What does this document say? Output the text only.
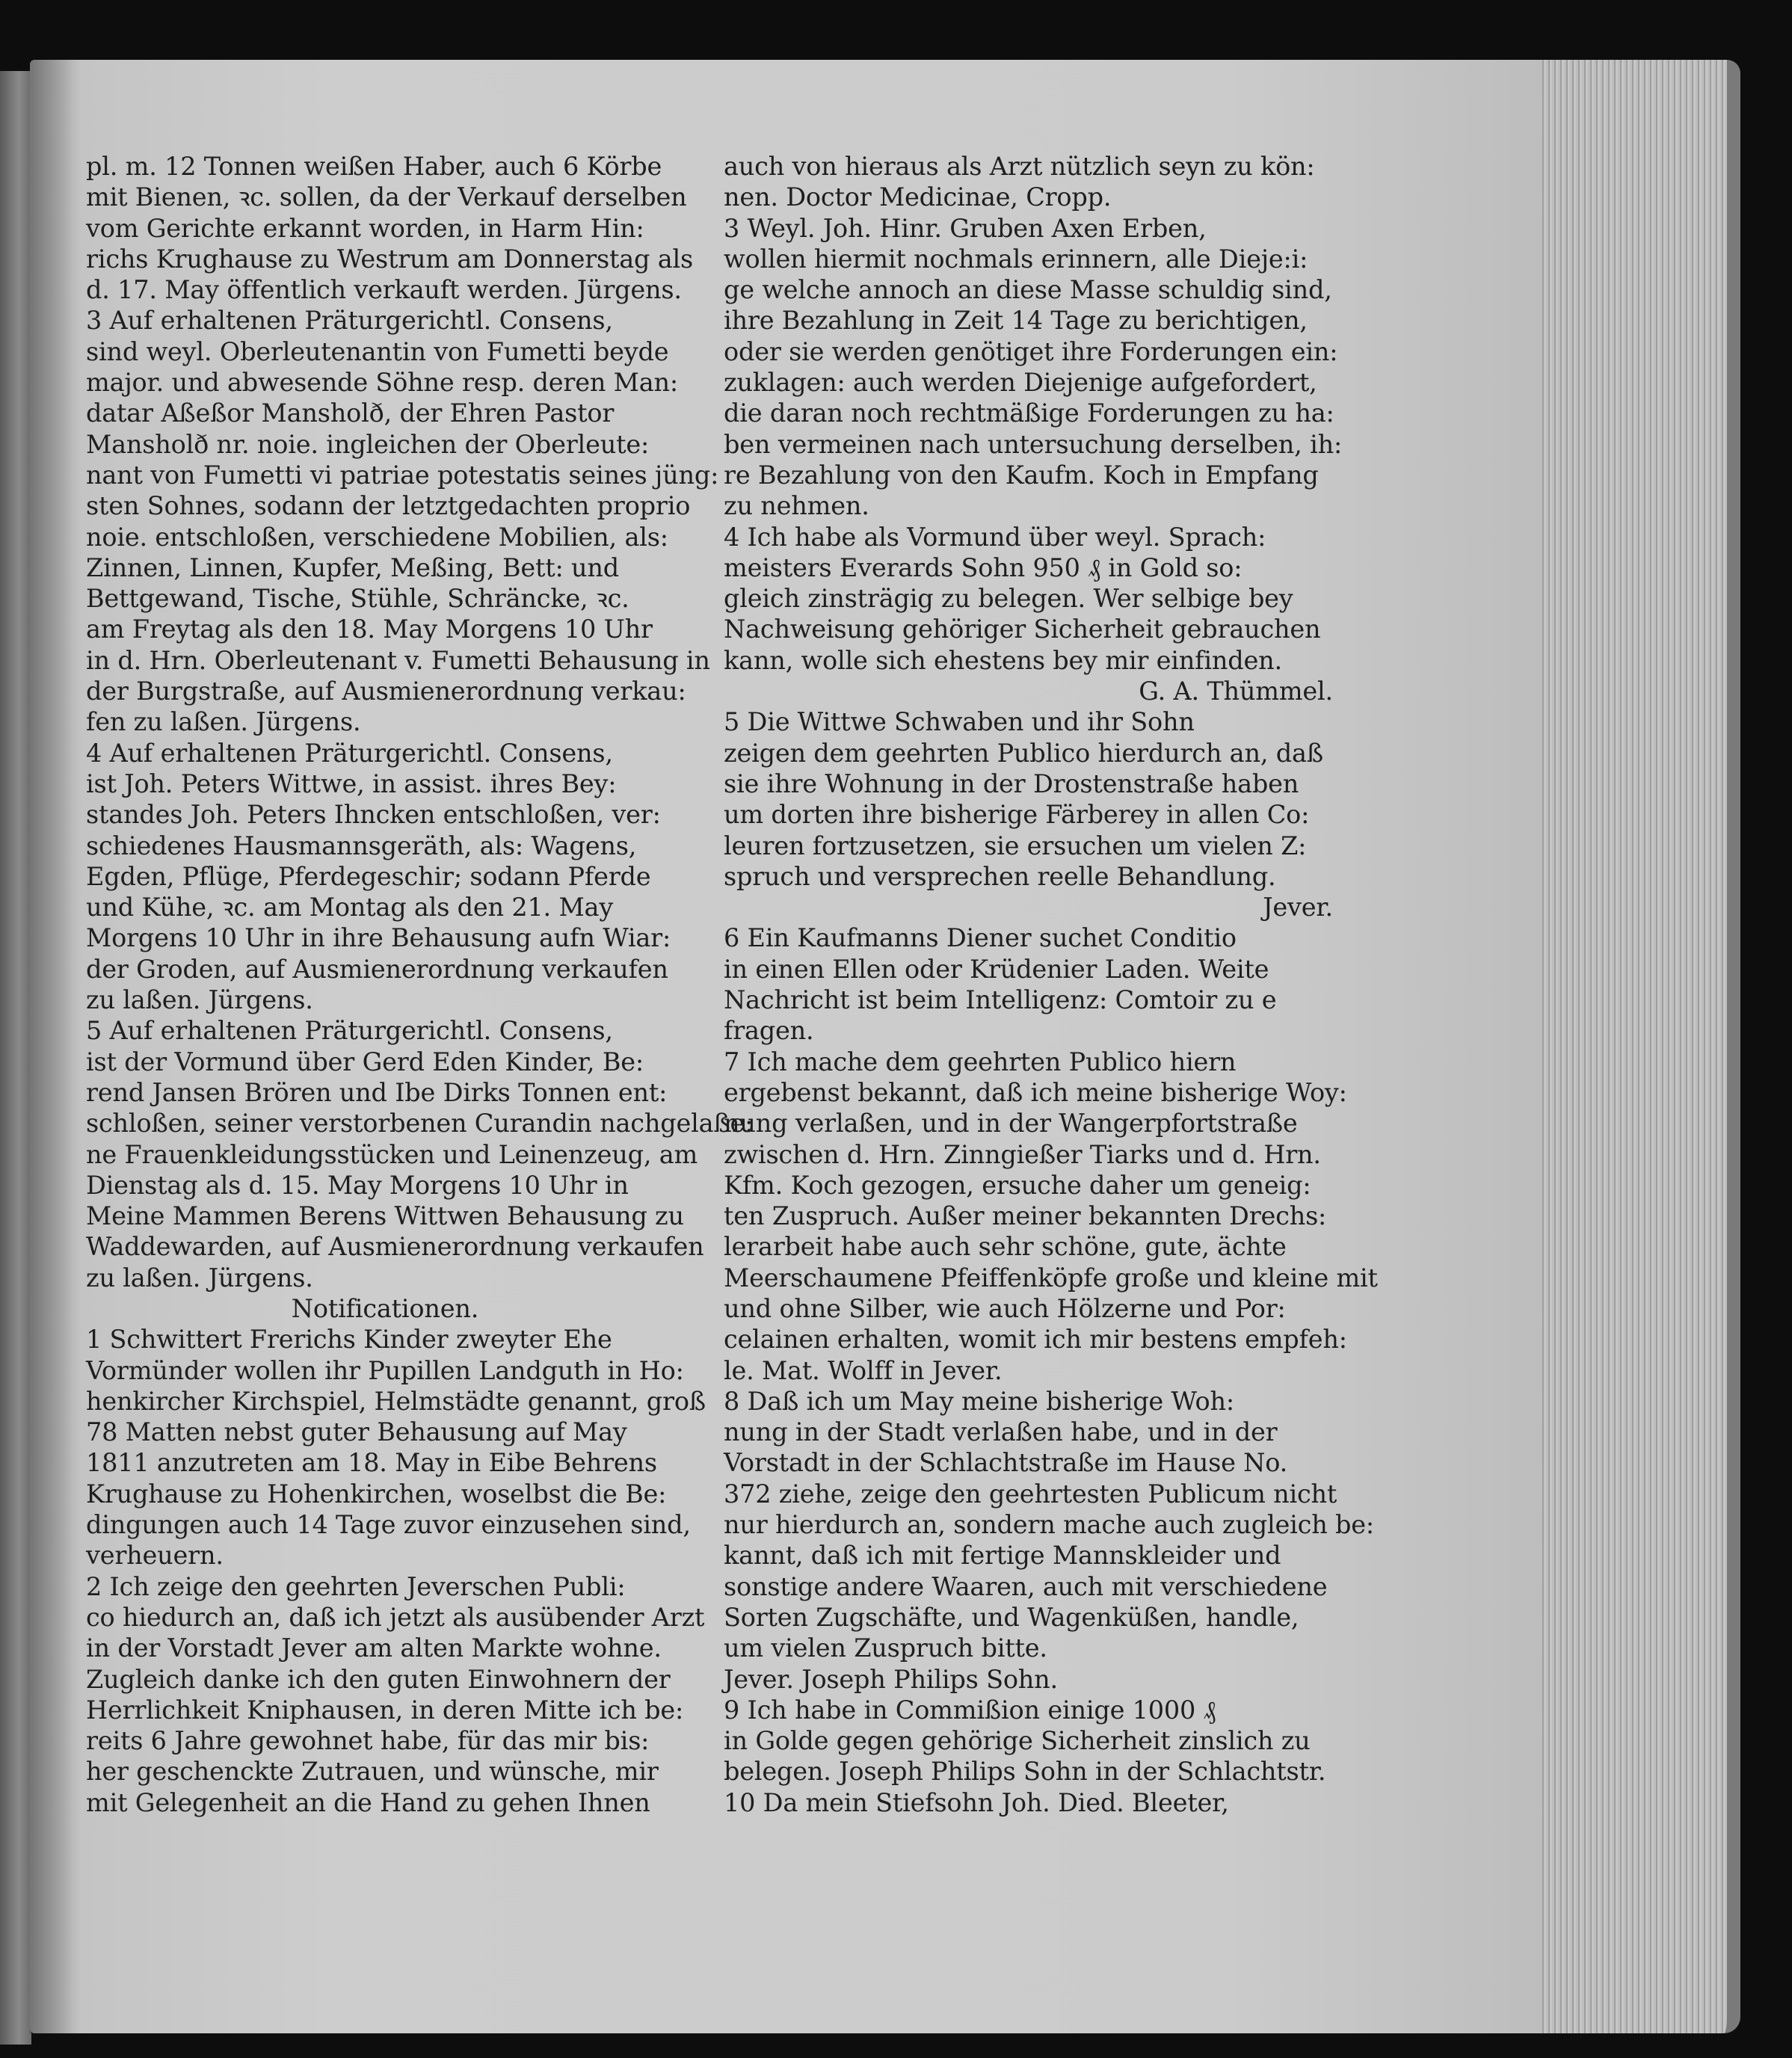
pl. m. 12 Tonnen weißen Haber, auch 6 Körbe
mit Bienen, ꝛc. sollen, da der Verkauf derselben
vom Gerichte erkannt worden, in Harm Hin:
richs Krughause zu Westrum am Donnerstag als
d. 17. May öffentlich verkauft werden. Jürgens.
3 Auf erhaltenen Präturgerichtl. Consens,
sind weyl. Oberleutenantin von Fumetti beyde
major. und abwesende Söhne resp. deren Man:
datar Aßeßor Mansholð, der Ehren Pastor
Mansholð nr. noie. ingleichen der Oberleute:
nant von Fumetti vi patriae potestatis seines jüng:
sten Sohnes, sodann der letztgedachten proprio
noie. entschloßen, verschiedene Mobilien, als:
Zinnen, Linnen, Kupfer, Meßing, Bett: und
Bettgewand, Tische, Stühle, Schräncke, ꝛc.
am Freytag als den 18. May Morgens 10 Uhr
in d. Hrn. Oberleutenant v. Fumetti Behausung in
der Burgstraße, auf Ausmienerordnung verkau:
fen zu laßen. Jürgens.
4 Auf erhaltenen Präturgerichtl. Consens,
ist Joh. Peters Wittwe, in assist. ihres Bey:
standes Joh. Peters Ihncken entschloßen, ver:
schiedenes Hausmannsgeräth, als: Wagens,
Egden, Pflüge, Pferdegeschir; sodann Pferde
und Kühe, ꝛc. am Montag als den 21. May
Morgens 10 Uhr in ihre Behausung aufn Wiar:
der Groden, auf Ausmienerordnung verkaufen
zu laßen. Jürgens.
5 Auf erhaltenen Präturgerichtl. Consens,
ist der Vormund über Gerd Eden Kinder, Be:
rend Jansen Brören und Ibe Dirks Tonnen ent:
schloßen, seiner verstorbenen Curandin nachgelaße:
ne Frauenkleidungsstücken und Leinenzeug, am
Dienstag als d. 15. May Morgens 10 Uhr in
Meine Mammen Berens Wittwen Behausung zu
Waddewarden, auf Ausmienerordnung verkaufen
zu laßen. Jürgens.
Notificationen.
1 Schwittert Frerichs Kinder zweyter Ehe
Vormünder wollen ihr Pupillen Landguth in Ho:
henkircher Kirchspiel, Helmstädte genannt, groß
78 Matten nebst guter Behausung auf May
1811 anzutreten am 18. May in Eibe Behrens
Krughause zu Hohenkirchen, woselbst die Be:
dingungen auch 14 Tage zuvor einzusehen sind,
verheuern.
2 Ich zeige den geehrten Jeverschen Publi:
co hiedurch an, daß ich jetzt als ausübender Arzt
in der Vorstadt Jever am alten Markte wohne.
Zugleich danke ich den guten Einwohnern der
Herrlichkeit Kniphausen, in deren Mitte ich be:
reits 6 Jahre gewohnet habe, für das mir bis:
her geschenckte Zutrauen, und wünsche, mir
mit Gelegenheit an die Hand zu gehen Ihnen
auch von hieraus als Arzt nützlich seyn zu kön:
nen. Doctor Medicinae, Cropp.
3 Weyl. Joh. Hinr. Gruben Axen Erben,
wollen hiermit nochmals erinnern, alle Dieje:i:
ge welche annoch an diese Masse schuldig sind,
ihre Bezahlung in Zeit 14 Tage zu berichtigen,
oder sie werden genötiget ihre Forderungen ein:
zuklagen: auch werden Diejenige aufgefordert,
die daran noch rechtmäßige Forderungen zu ha:
ben vermeinen nach untersuchung derselben, ih:
re Bezahlung von den Kaufm. Koch in Empfang
zu nehmen.
4 Ich habe als Vormund über weyl. Sprach:
meisters Everards Sohn 950 ₰ in Gold so:
gleich zinsträgig zu belegen. Wer selbige bey
Nachweisung gehöriger Sicherheit gebrauchen
kann, wolle sich ehestens bey mir einfinden.
G. A. Thümmel.
5 Die Wittwe Schwaben und ihr Sohn
zeigen dem geehrten Publico hierdurch an, daß
sie ihre Wohnung in der Drostenstraße haben
um dorten ihre bisherige Färberey in allen Co:
leuren fortzusetzen, sie ersuchen um vielen Z:
spruch und versprechen reelle Behandlung.
Jever.
6 Ein Kaufmanns Diener suchet Conditio
in einen Ellen oder Krüdenier Laden. Weite
Nachricht ist beim Intelligenz: Comtoir zu e
fragen.
7 Ich mache dem geehrten Publico hiern
ergebenst bekannt, daß ich meine bisherige Woy:
nung verlaßen, und in der Wangerpfortstraße
zwischen d. Hrn. Zinngießer Tiarks und d. Hrn.
Kfm. Koch gezogen, ersuche daher um geneig:
ten Zuspruch. Außer meiner bekannten Drechs:
lerarbeit habe auch sehr schöne, gute, ächte
Meerschaumene Pfeiffenköpfe große und kleine mit
und ohne Silber, wie auch Hölzerne und Por:
celainen erhalten, womit ich mir bestens empfeh:
le. Mat. Wolff in Jever.
8 Daß ich um May meine bisherige Woh:
nung in der Stadt verlaßen habe, und in der
Vorstadt in der Schlachtstraße im Hause No.
372 ziehe, zeige den geehrtesten Publicum nicht
nur hierdurch an, sondern mache auch zugleich be:
kannt, daß ich mit fertige Mannskleider und
sonstige andere Waaren, auch mit verschiedene
Sorten Zugschäfte, und Wagenküßen, handle,
um vielen Zuspruch bitte.
Jever. Joseph Philips Sohn.
9 Ich habe in Commißion einige 1000 ₰
in Golde gegen gehörige Sicherheit zinslich zu
belegen. Joseph Philips Sohn in der Schlachtstr.
10 Da mein Stiefsohn Joh. Died. Bleeter,
